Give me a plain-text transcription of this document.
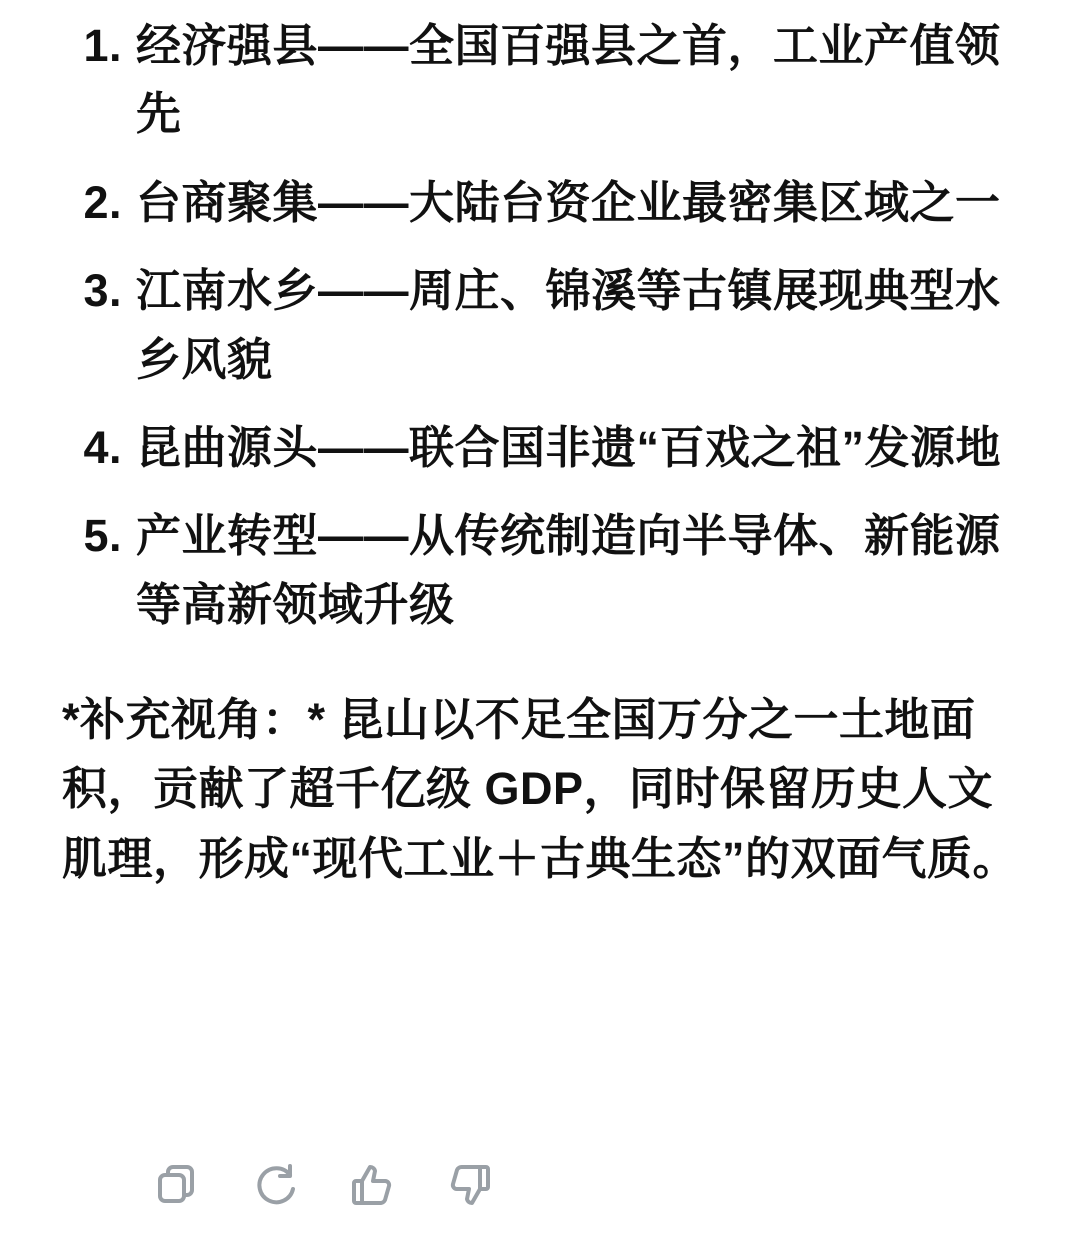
1. 经济强县——全国百强县之首，工业产值领先
2. 台商聚集——大陆台资企业最密集区域之一
3. 江南水乡——周庄、锦溪等古镇展现典型水乡风貌
4. 昆曲源头——联合国非遗“百戏之祖”发源地
5. 产业转型——从传统制造向半导体、新能源等高新领域升级

*补充视角：* 昆山以不足全国万分之一土地面积，贡献了超千亿级 GDP，同时保留历史人文肌理，形成“现代工业＋古典生态”的双面气质。
